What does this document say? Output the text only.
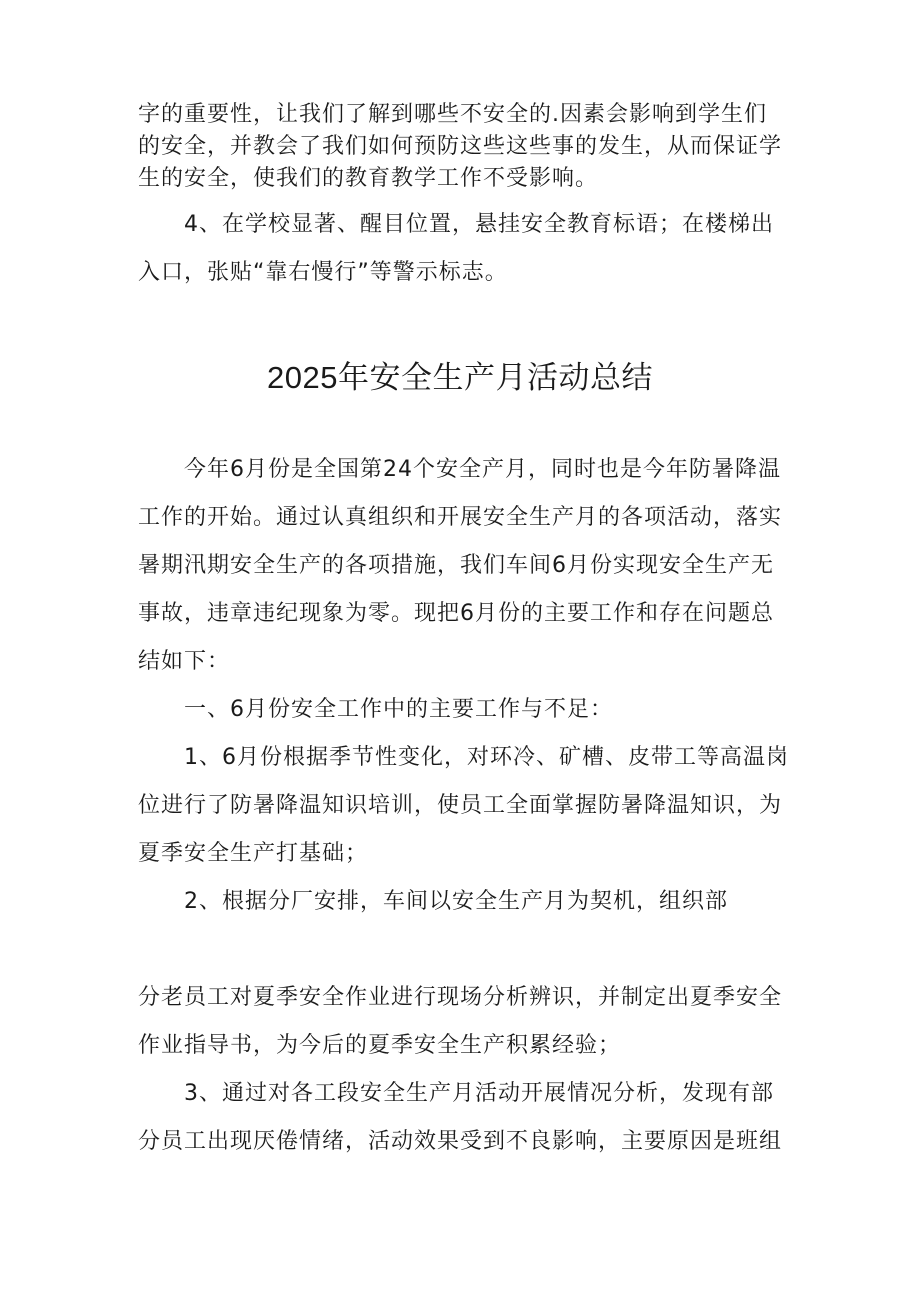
字的重要性，让我们了解到哪些不安全的.因素会影响到学生们
的安全，并教会了我们如何预防这些这些事的发生，从而保证学
生的安全，使我们的教育教学工作不受影响。
　　4、在学校显著、醒目位置，悬挂安全教育标语；在楼梯出
入口，张贴“靠右慢行”等警示标志。
2025年安全生产月活动总结
　　今年6月份是全国第24个安全产月，同时也是今年防暑降温
工作的开始。通过认真组织和开展安全生产月的各项活动，落实
暑期汛期安全生产的各项措施，我们车间6月份实现安全生产无
事故，违章违纪现象为零。现把6月份的主要工作和存在问题总
结如下：
　　一、6月份安全工作中的主要工作与不足：
　　1、6月份根据季节性变化，对环冷、矿槽、皮带工等高温岗
位进行了防暑降温知识培训，使员工全面掌握防暑降温知识，为
夏季安全生产打基础；
　　2、根据分厂安排，车间以安全生产月为契机，组织部
分老员工对夏季安全作业进行现场分析辨识，并制定出夏季安全
作业指导书，为今后的夏季安全生产积累经验；
　　3、通过对各工段安全生产月活动开展情况分析，发现有部
分员工出现厌倦情绪，活动效果受到不良影响，主要原因是班组
